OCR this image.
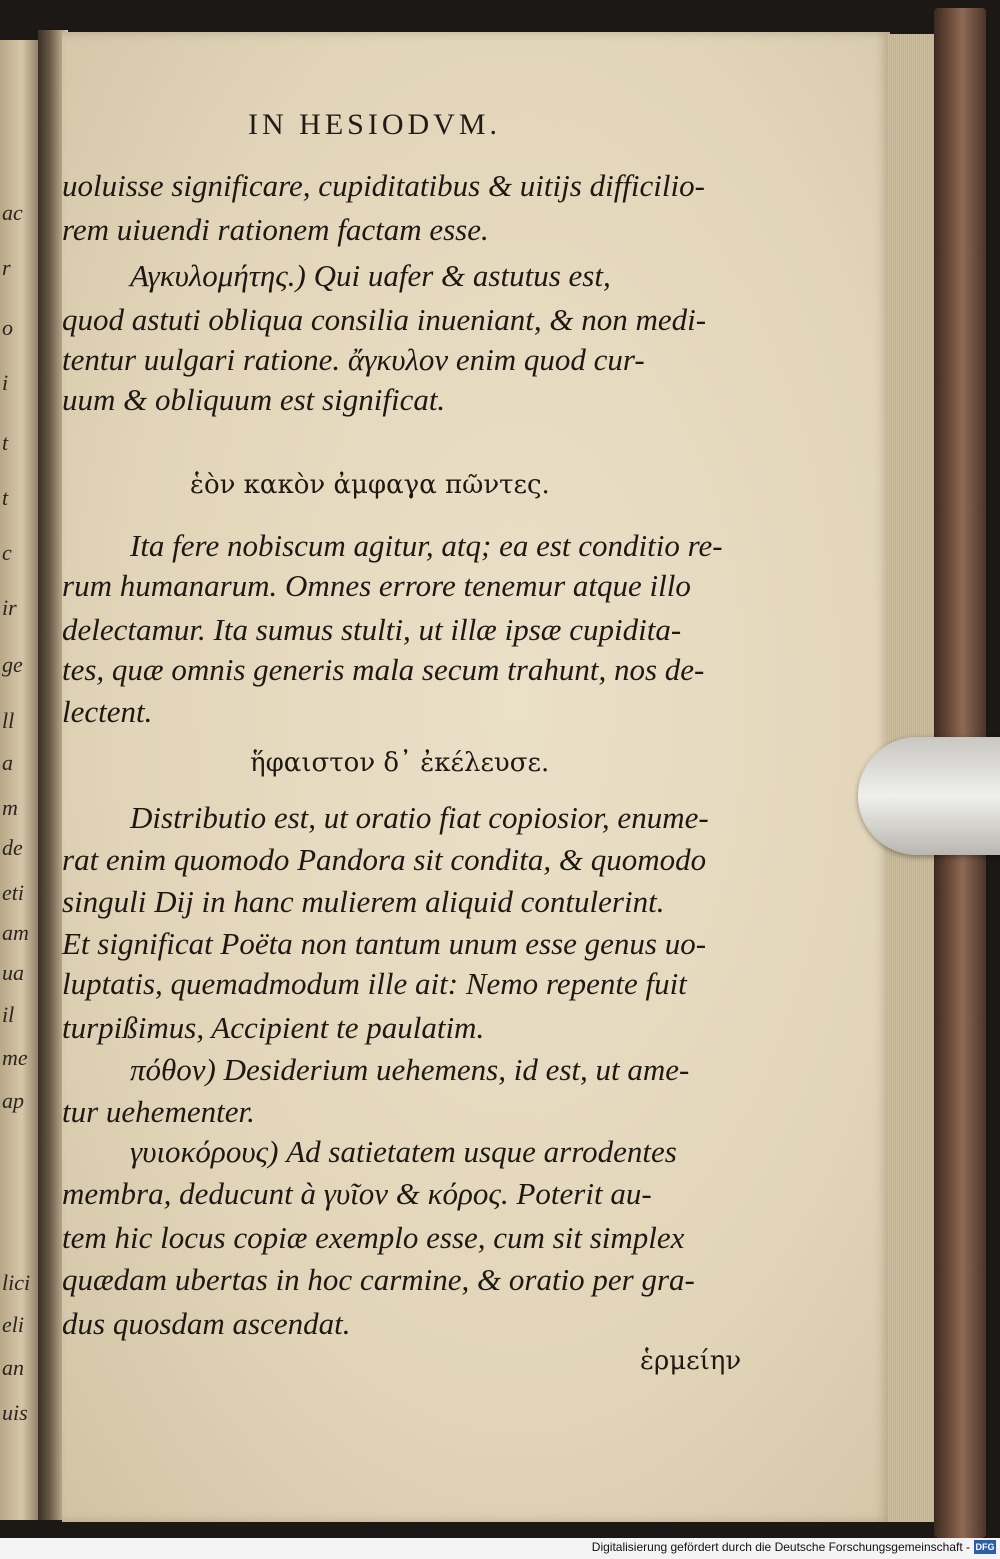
ac
r
o
i
t
t
c
ir
ge
ll
a
m
de
eti
am
ua
il
me
ap
lici
eli
an
uis
IN HESIODVM.
uoluisse significare, cupiditatibus & uitijs difficilio-
rem uiuendi rationem factam esse.
Αγκυλομήτης.) Qui uafer & astutus est,
quod astuti obliqua consilia inueniant, & non medi-
tentur uulgari ratione. ἄγκυλον enim quod cur-
uum & obliquum est significat.
ἑὸν κακὸν ἀμφαγα πῶντες.
Ita fere nobiscum agitur, atq; ea est conditio re-
rum humanarum. Omnes errore tenemur atque illo
delectamur. Ita sumus stulti, ut illæ ipsæ cupidita-
tes, quæ omnis generis mala secum trahunt, nos de-
lectent.
ἥφαιστον δ᾽ ἐκέλευσε.
Distributio est, ut oratio fiat copiosior, enume-
rat enim quomodo Pandora sit condita, & quomodo
singuli Dij in hanc mulierem aliquid contulerint.
Et significat Poëta non tantum unum esse genus uo-
luptatis, quemadmodum ille ait: Nemo repente fuit
turpißimus, Accipient te paulatim.
πόθον) Desiderium uehemens, id est, ut ame-
tur uehementer.
γυιοκόρους) Ad satietatem usque arrodentes
membra, deducunt à γυῖον & κόρος. Poterit au-
tem hic locus copiæ exemplo esse, cum sit simplex
quædam ubertas in hoc carmine, & oratio per gra-
dus quosdam ascendat.
ἑρμείην
Digitalisierung gefördert durch die Deutsche Forschungsgemeinschaft - DFG
